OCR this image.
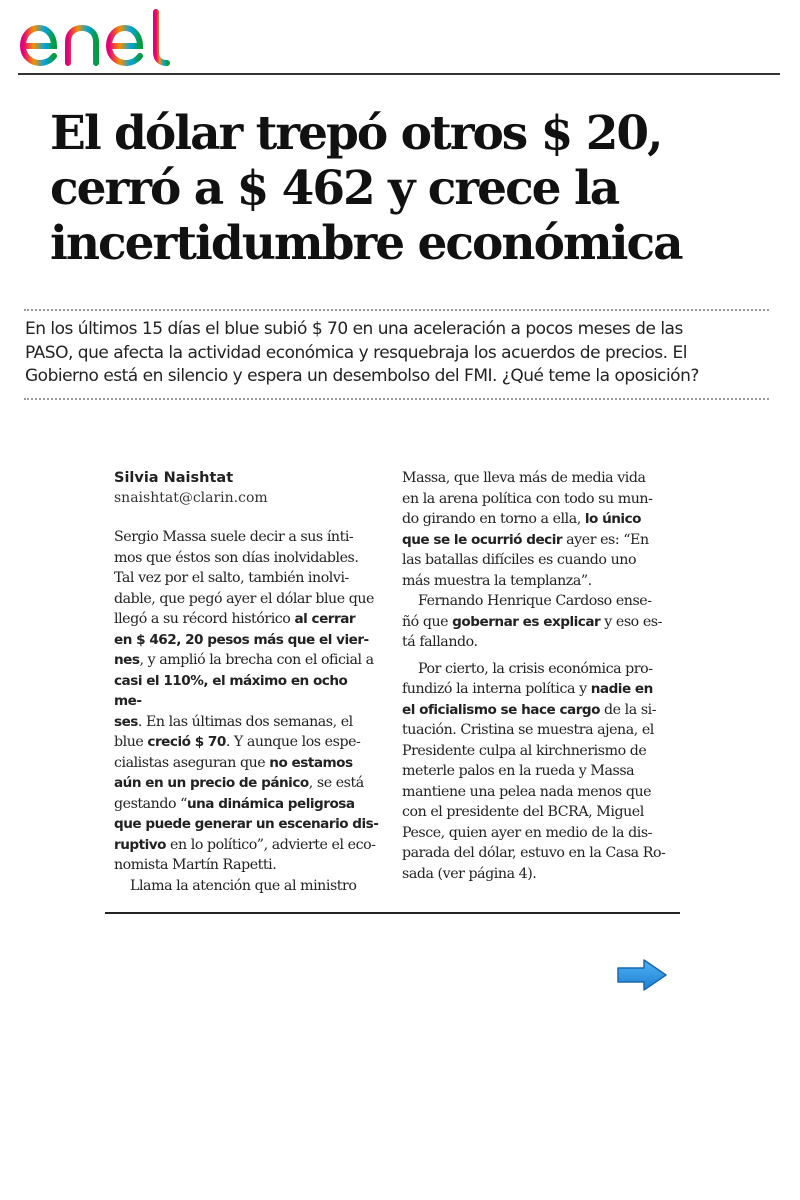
enel
El dólar trepó otros $ 20,
cerró a $ 462 y crece la
incertidumbre económica

En los últimos 15 días el blue subió $ 70 en una aceleración a pocos meses de las
PASO, que afecta la actividad económica y resquebraja los acuerdos de precios. El
Gobierno está en silencio y espera un desembolso del FMI. ¿Qué teme la oposición?

Silvia Naishtat
snaishtat@clarin.com

Sergio Massa suele decir a sus ínti-
mos que éstos son días inolvidables.
Tal vez por el salto, también inolvi-
dable, que pegó ayer el dólar blue que
llegó a su récord histórico al cerrar
en $ 462, 20 pesos más que el vier-
nes, y amplió la brecha con el oficial a
casi el 110%, el máximo en ocho me-
ses. En las últimas dos semanas, el
blue creció $ 70. Y aunque los espe-
cialistas aseguran que no estamos
aún en un precio de pánico, se está
gestando “una dinámica peligrosa
que puede generar un escenario dis-
ruptivo en lo político”, advierte el eco-
nomista Martín Rapetti.

Llama la atención que al ministro

Massa, que lleva más de media vida
en la arena política con todo su mun-
do girando en torno a ella, lo único
que se le ocurrió decir ayer es: “En
las batallas difíciles es cuando uno
más muestra la templanza”.

Fernando Henrique Cardoso ense-
ñó que gobernar es explicar y eso es-
tá fallando.

Por cierto, la crisis económica pro-
fundizó la interna política y nadie en
el oficialismo se hace cargo de la si-
tuación. Cristina se muestra ajena, el
Presidente culpa al kirchnerismo de
meterle palos en la rueda y Massa
mantiene una pelea nada menos que
con el presidente del BCRA, Miguel
Pesce, quien ayer en medio de la dis-
parada del dólar, estuvo en la Casa Ro-
sada (ver página 4).
